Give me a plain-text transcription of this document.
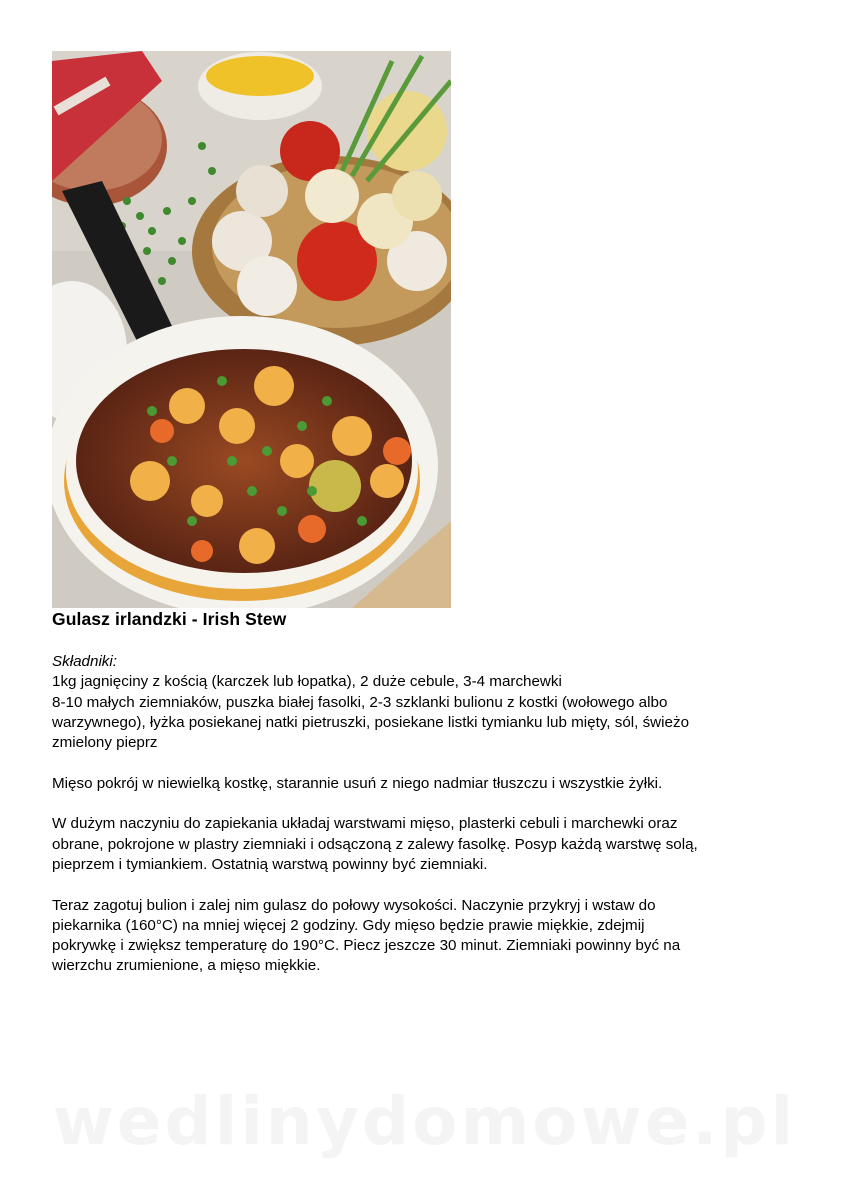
Gulasz irlandzki - Irish Stew

Składniki:
1kg jagnięciny z kością (karczek lub łopatka), 2 duże cebule, 3-4 marchewki
8-10 małych ziemniaków, puszka białej fasolki, 2-3 szklanki bulionu z kostki (wołowego albo
warzywnego), łyżka posiekanej natki pietruszki, posiekane listki tymianku lub mięty, sól, świeżo
zmielony pieprz

Mięso pokrój w niewielką kostkę, starannie usuń z niego nadmiar tłuszczu i wszystkie żyłki.

W dużym naczyniu do zapiekania układaj warstwami mięso, plasterki cebuli i marchewki oraz
obrane, pokrojone w plastry ziemniaki i odsączoną z zalewy fasolkę. Posyp każdą warstwę solą,
pieprzem i tymiankiem. Ostatnią warstwą powinny być ziemniaki.

Teraz zagotuj bulion i zalej nim gulasz do połowy wysokości. Naczynie przykryj i wstaw do
piekarnika (160°C) na mniej więcej 2 godziny. Gdy mięso będzie prawie miękkie, zdejmij
pokrywkę i zwiększ temperaturę do 190°C. Piecz jeszcze 30 minut. Ziemniaki powinny być na
wierzchu zrumienione, a mięso miękkie.

wedlinydomowe.pl
